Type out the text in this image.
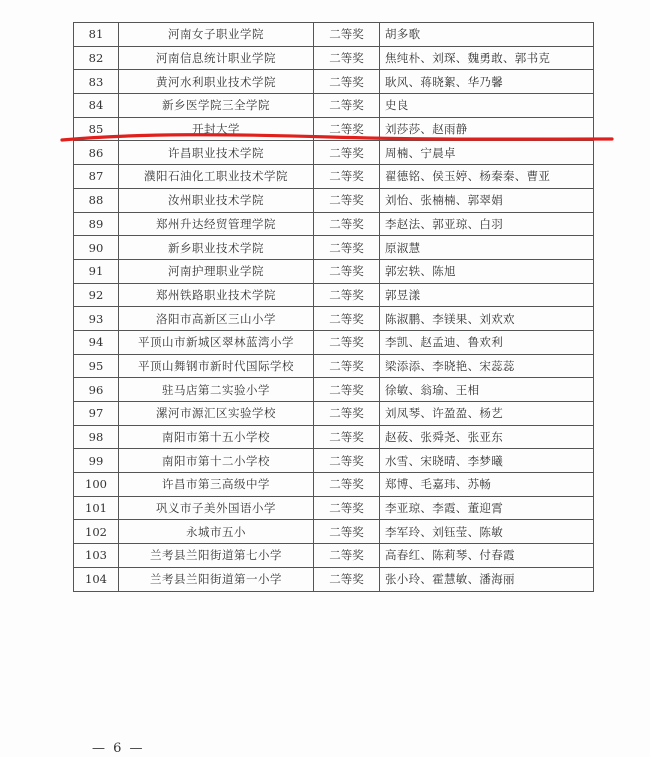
81	河南女子职业学院	二等奖	胡多歌
82	河南信息统计职业学院	二等奖	焦纯朴、刘琛、魏勇敢、郭书克
83	黄河水利职业技术学院	二等奖	耿风、蒋晓絮、华乃馨
84	新乡医学院三全学院	二等奖	史良
85	开封大学	二等奖	刘莎莎、赵雨静
86	许昌职业技术学院	二等奖	周楠、宁晨卓
87	濮阳石油化工职业技术学院	二等奖	翟德铭、侯玉婷、杨秦秦、曹亚
88	汝州职业技术学院	二等奖	刘怡、张楠楠、郭翠娟
89	郑州升达经贸管理学院	二等奖	李赵法、郭亚琼、白羽
90	新乡职业技术学院	二等奖	原淑慧
91	河南护理职业学院	二等奖	郭宏轶、陈旭
92	郑州铁路职业技术学院	二等奖	郭昱漾
93	洛阳市高新区三山小学	二等奖	陈淑鹏、李镁果、刘欢欢
94	平顶山市新城区翠林蓝湾小学	二等奖	李凯、赵孟迪、鲁欢利
95	平顶山舞钢市新时代国际学校	二等奖	梁添添、李晓艳、宋蕊蕊
96	驻马店第二实验小学	二等奖	徐敏、翁瑜、王相
97	漯河市源汇区实验学校	二等奖	刘凤琴、许盈盈、杨艺
98	南阳市第十五小学校	二等奖	赵莜、张舜尧、张亚东
99	南阳市第十二小学校	二等奖	水雪、宋晓晴、李梦曦
100	许昌市第三高级中学	二等奖	郑博、毛嘉玮、苏畅
101	巩义市子美外国语小学	二等奖	李亚琼、李霞、董迎霄
102	永城市五小	二等奖	李军玲、刘钰莹、陈敏
103	兰考县兰阳街道第七小学	二等奖	高春红、陈莉琴、付春霞
104	兰考县兰阳街道第一小学	二等奖	张小玲、霍慧敏、潘海丽
— 6 —
